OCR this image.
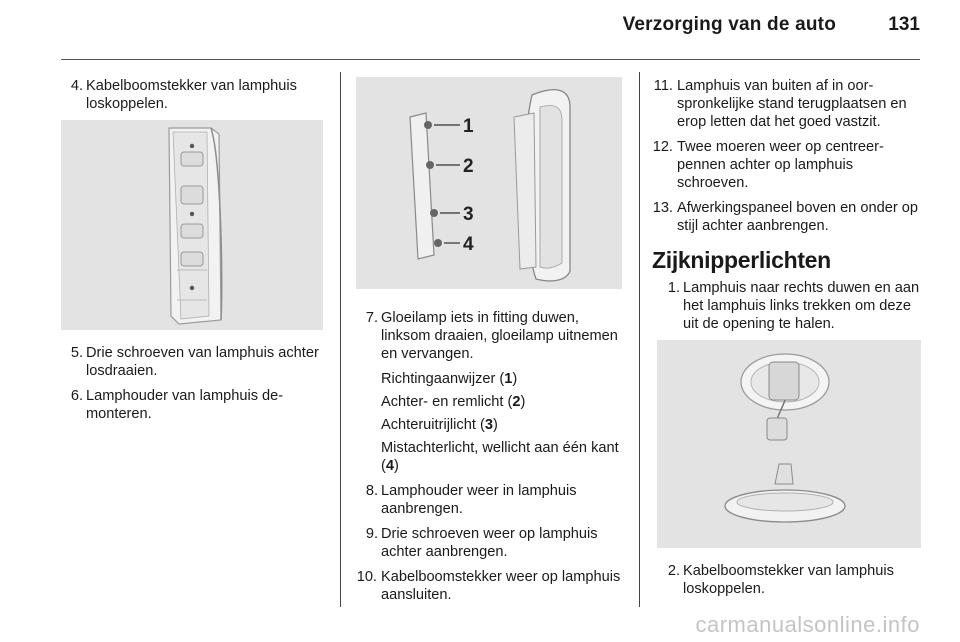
Verzorging van de auto	131
4. Kabelboomstekker van lamphuis loskoppelen.
5. Drie schroeven van lamphuis achter losdraaien.
6. Lamphouder van lamphuis demonteren.
1
2
3
4
7. Gloeilamp iets in fitting duwen, linksom draaien, gloeilamp uitnemen en vervangen.
Richtingaanwijzer (1)
Achter- en remlicht (2)
Achteruitrijlicht (3)
Mistachterlicht, wellicht aan één kant (4)
8. Lamphouder weer in lamphuis aanbrengen.
9. Drie schroeven weer op lamphuis achter aanbrengen.
10. Kabelboomstekker weer op lamphuis aansluiten.
11. Lamphuis van buiten af in oorspronkelijke stand terugplaatsen en erop letten dat het goed vastzit.
12. Twee moeren weer op centreerpennen achter op lamphuis schroeven.
13. Afwerkingspaneel boven en onder op stijl achter aanbrengen.
Zijknipperlichten
1. Lamphuis naar rechts duwen en aan het lamphuis links trekken om deze uit de opening te halen.
2. Kabelboomstekker van lamphuis loskoppelen.
carmanualsonline.info
